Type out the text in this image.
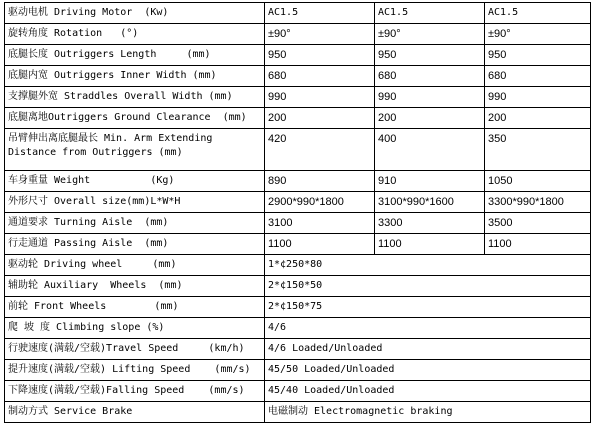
驱动电机 Driving Motor  (Kw)	AC1.5	AC1.5	AC1.5
旋转角度 Rotation   (°)	±90°	±90°	±90°
底腿长度 Outriggers Length     (mm)	950	950	950
底腿内宽 Outriggers Inner Width (mm)	680	680	680
支撑腿外宽 Straddles Overall Width (mm)	990	990	990
底腿离地Outriggers Ground Clearance  (mm)	200	200	200
吊臂伸出离底腿最长 Min. Arm Extending Distance from Outriggers (mm)	420	400	350
车身重量 Weight          (Kg)	890	910	1050
外形尺寸 Overall size(mm)L*W*H	2900*990*1800	3100*990*1600	3300*990*1800
通道要求 Turning Aisle  (mm)	3100	3300	3500
行走通道 Passing Aisle  (mm)	1100	1100	1100
驱动轮 Driving wheel     (mm)	1*¢250*80		
辅助轮 Auxiliary  Wheels  (mm)	2*¢150*50		
前轮 Front Wheels        (mm)	2*¢150*75		
爬 坡 度 Climbing slope (%)	4/6		
行驶速度(满载/空载)Travel Speed     (km/h)	4/6 Loaded/Unloaded		
提升速度(满载/空载) Lifting Speed    (mm/s)	45/50 Loaded/Unloaded		
下降速度(满载/空载)Falling Speed    (mm/s)	45/40 Loaded/Unloaded		
制动方式 Service Brake	电磁制动 Electromagnetic braking		
